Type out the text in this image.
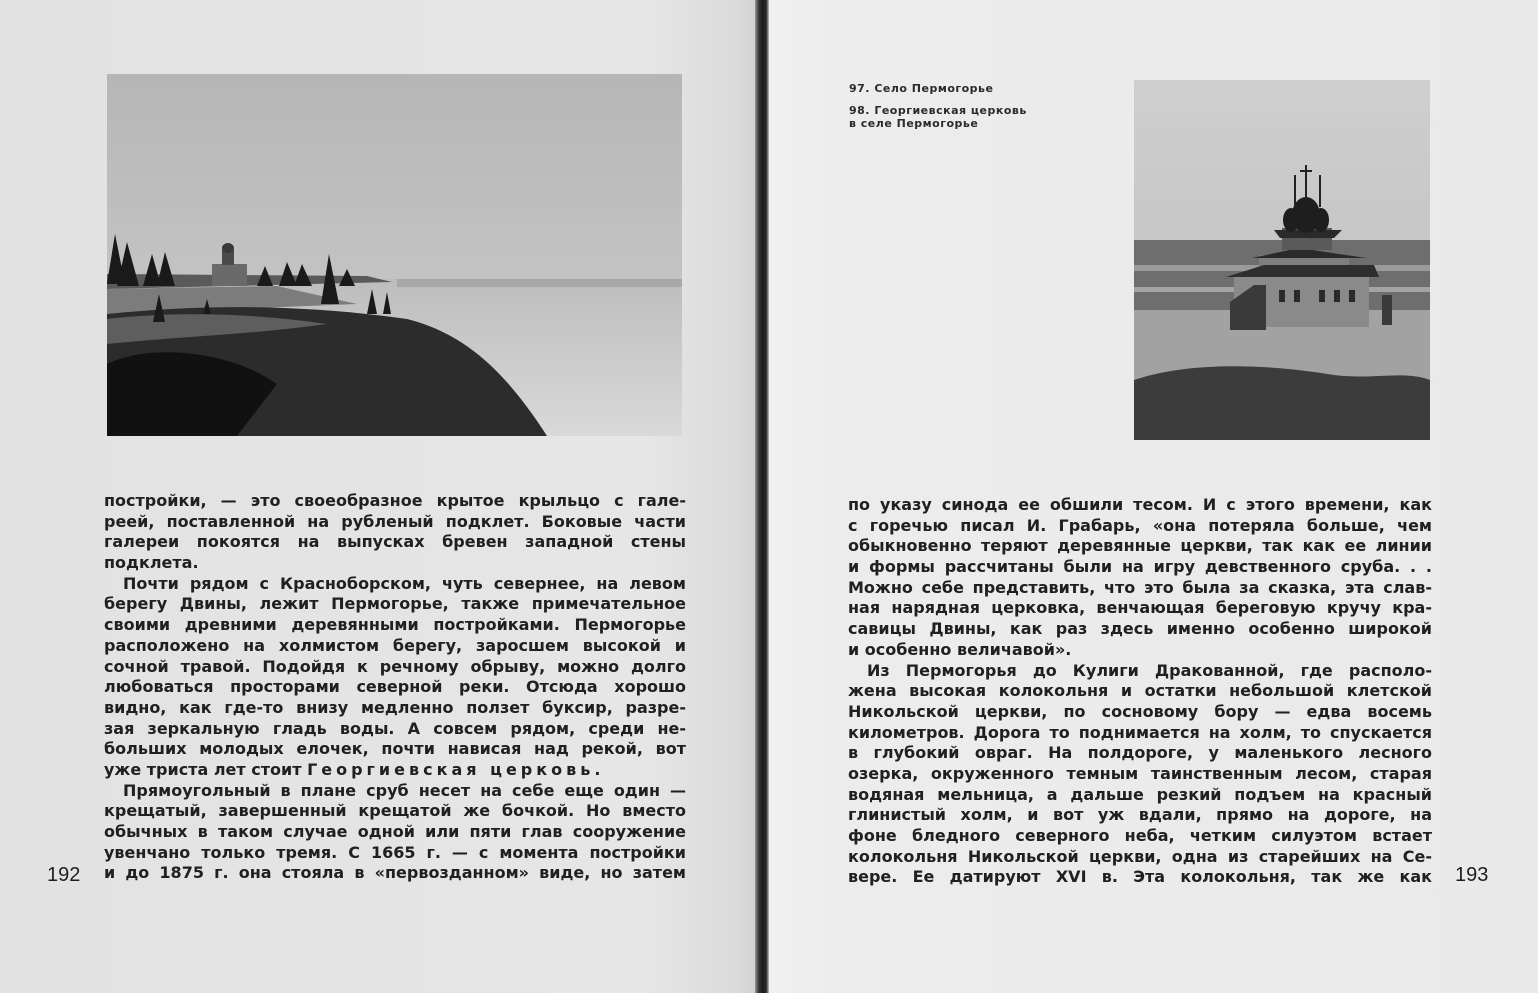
97. Село Пермогорье
98. Георгиевская церковь
в селе Пермогорье
постройки, — это своеобразное крытое крыльцо с гале-
реей, поставленной на рубленый подклет. Боковые части
галереи покоятся на выпусках бревен западной стены
подклета.
Почти рядом с Красноборском, чуть севернее, на левом
берегу Двины, лежит Пермогорье, также примечательное
своими древними деревянными постройками. Пермогорье
расположено на холмистом берегу, заросшем высокой и
сочной травой. Подойдя к речному обрыву, можно долго
любоваться просторами северной реки. Отсюда хорошо
видно, как где-то внизу медленно ползет буксир, разре-
зая зеркальную гладь воды. А совсем рядом, среди не-
больших молодых елочек, почти нависая над рекой, вот
уже триста лет стоит Георгиевская церковь.
Прямоугольный в плане сруб несет на себе еще один —
крещатый, завершенный крещатой же бочкой. Но вместо
обычных в таком случае одной или пяти глав сооружение
увенчано только тремя. С 1665 г. — с момента постройки
и до 1875 г. она стояла в «первозданном» виде, но затем
по указу синода ее обшили тесом. И с этого времени, как
с горечью писал И. Грабарь, «она потеряла больше, чем
обыкновенно теряют деревянные церкви, так как ее линии
и формы рассчитаны были на игру девственного сруба. . .
Можно себе представить, что это была за сказка, эта слав-
ная нарядная церковка, венчающая береговую кручу кра-
савицы Двины, как раз здесь именно особенно широкой
и особенно величавой».
Из Пермогорья до Кулиги Дракованной, где располо-
жена высокая колокольня и остатки небольшой клетской
Никольской церкви, по сосновому бору — едва восемь
километров. Дорога то поднимается на холм, то спускается
в глубокий овраг. На полдороге, у маленького лесного
озерка, окруженного темным таинственным лесом, старая
водяная мельница, а дальше резкий подъем на красный
глинистый холм, и вот уж вдали, прямо на дороге, на
фоне бледного северного неба, четким силуэтом встает
колокольня Никольской церкви, одна из старейших на Се-
вере. Ее датируют XVI в. Эта колокольня, так же как
192	193
